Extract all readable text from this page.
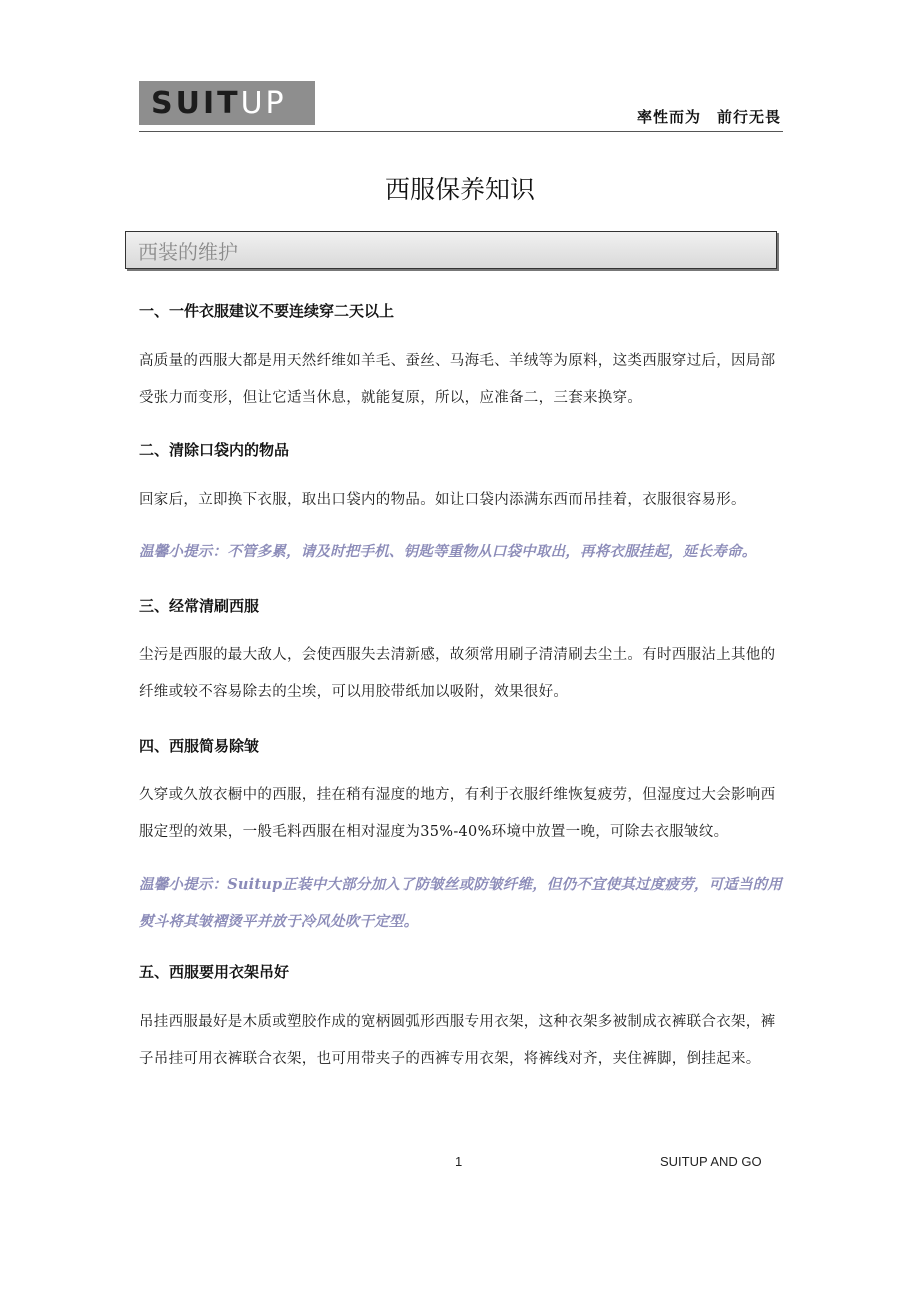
SUIT UP	率性而为　前行无畏
西服保养知识
西装的维护
一、一件衣服建议不要连续穿二天以上
高质量的西服大都是用天然纤维如羊毛、蚕丝、马海毛、羊绒等为原料，这类西服穿过后，因局部受张力而变形，但让它适当休息，就能复原，所以，应准备二，三套来换穿。
二、清除口袋内的物品
回家后，立即换下衣服，取出口袋内的物品。如让口袋内添满东西而吊挂着，衣服很容易形。
温馨小提示：不管多累，请及时把手机、钥匙等重物从口袋中取出，再将衣服挂起，延长寿命。
三、经常清刷西服
尘污是西服的最大敌人，会使西服失去清新感，故须常用刷子清清刷去尘土。有时西服沾上其他的纤维或较不容易除去的尘埃，可以用胶带纸加以吸附，效果很好。
四、西服简易除皱
久穿或久放衣橱中的西服，挂在稍有湿度的地方，有利于衣服纤维恢复疲劳，但湿度过大会影响西服定型的效果，一般毛料西服在相对湿度为35%-40%环境中放置一晚，可除去衣服皱纹。
温馨小提示：Suitup正装中大部分加入了防皱丝或防皱纤维，但仍不宜使其过度疲劳，可适当的用熨斗将其皱褶烫平并放于冷风处吹干定型。
五、西服要用衣架吊好
吊挂西服最好是木质或塑胶作成的宽柄圆弧形西服专用衣架，这种衣架多被制成衣裤联合衣架，裤子吊挂可用衣裤联合衣架，也可用带夹子的西裤专用衣架，将裤线对齐，夹住裤脚，倒挂起来。
1	SUITUP AND GO
